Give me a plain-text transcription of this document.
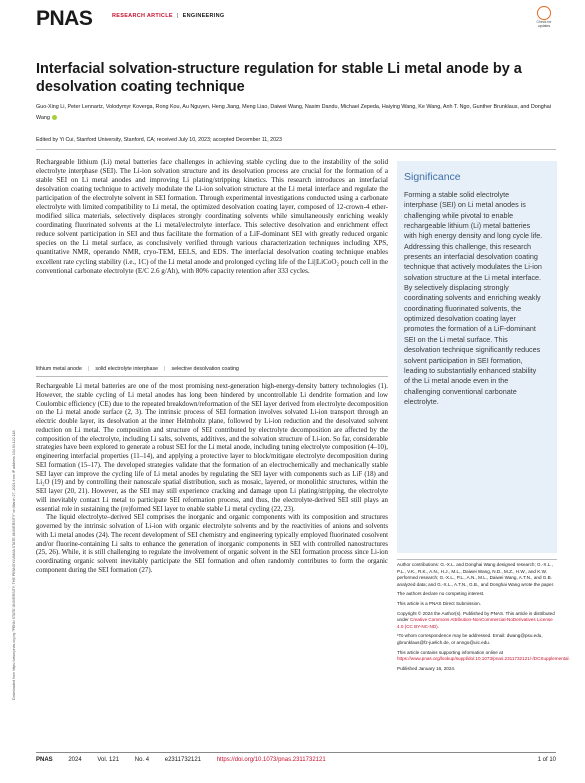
PNAS	RESEARCH ARTICLE | ENGINEERING
Check for updates
Downloaded from https://www.pnas.org by "PENN STATE UNIVERSITY, THE PENNSYLVANIA STATE UNIVERSITY" on March 27, 2024 from IP address 134.94.122.118.
Interfacial solvation-structure regulation for stable Li metal anode by a desolvation coating technique
Guo-Xing Li, Peter Lennartz, Volodymyr Koverga, Rong Kou, Au Nguyen, Heng Jiang, Meng Liao, Daiwei Wang, Nasim Dandu, Michael Zepeda, Haiying Wang, Ke Wang, Anh T. Ngo, Gunther Brunklaus, and Donghai Wang
Edited by Yi Cui, Stanford University, Stanford, CA; received July 10, 2023; accepted December 11, 2023

Rechargeable lithium (Li) metal batteries face challenges in achieving stable cycling due to the instability of the solid electrolyte interphase (SEI). The Li-ion solvation structure and its desolvation process are crucial for the formation of a stable SEI on Li metal anodes and improving Li plating/stripping kinetics. This research introduces an interfacial desolvation coating technique to actively modulate the Li-ion solvation structure at the Li metal interface and regulate the participation of the electrolyte solvent in SEI formation. Through experimental investigations conducted using a carbonate electrolyte with limited compatibility to Li metal, the optimized desolvation coating layer, composed of 12-crown-4 ether-modified silica materials, selectively displaces strongly coordinating solvents while simultaneously enriching weakly coordinating fluorinated solvents at the Li metal/electrolyte interface. This selective desolvation and enrichment effect reduce solvent participation in SEI and thus facilitate the formation of a LiF-dominant SEI with greatly reduced organic species on the Li metal surface, as conclusively verified through various characterization techniques including XPS, quantitative NMR, operando NMR, cryo-TEM, EELS, and EDS. The interfacial desolvation coating technique enables excellent rate cycling stability (i.e., 1C) of the Li metal anode and prolonged cycling life of the Li||LiCoO₂ pouch cell in the conventional carbonate electrolyte (E/C 2.6 g/Ah), with 80% capacity retention after 333 cycles.

lithium metal anode	| solid electrolyte interphase	| selective desolvation coating

Rechargeable Li metal batteries are one of the most promising next-generation high-energy-density battery technologies (1). However, the stable cycling of Li metal anodes has long been hindered by uncontrollable Li dendrite formation and low Coulombic efficiency (CE) due to the repeated breakdown/reformation of the SEI layer derived from electrolyte decomposition on the Li metal anode surface (2, 3). The intrinsic process of SEI formation involves solvated Li-ion transport through an electric double layer, its desolvation at the inner Helmholtz plane, followed by Li-ion reduction and the desolvated solvent reduction on Li metal. The composition and structure of SEI contributed by electrolyte decomposition are affected by the composition of the electrolyte, including Li salts, solvents, additives, and the solvation structure of Li-ion. So far, considerable strategies have been explored to generate a robust SEI for the Li metal anode, including tuning electrolyte composition (4–10), engineering interfacial properties (11–14), and applying a protective layer to block/mitigate electrolyte decomposition during SEI formation (15–17). The developed strategies validate that the formation of an electrochemically and mechanically stable SEI layer can improve the cycling life of Li metal anodes by regulating the SEI layer with components such as LiF (18) and Li₂O (19) and by controlling their nanoscale spatial distribution, such as mosaic, layered, or monolithic structures, within the SEI layer (20, 21). However, as the SEI may still experience cracking and damage upon Li plating/stripping, the electrolyte will inevitably contact Li metal to participate SEI reformation process, and thus, the electrolyte-derived SEI still plays an essential role in sustaining the (re)formed SEI layer to enable stable Li metal cycling (22, 23).

The liquid electrolyte–derived SEI comprises the inorganic and organic components with its composition and structures governed by the intrinsic solvation of Li-ion with organic electrolyte solvents and by the reactivities of anions and solvents with Li metal anodes (24). The recent development of SEI chemistry and engineering typically employed fluorinated cosolvent and/or fluorine-containing Li salts to enhance the generation of inorganic components in SEI with controlled nanostructures (25, 26). While, it is still challenging to regulate the involvement of organic solvent in the SEI formation process since Li-ion coordinating organic solvent inevitably participate the SEI formation and often randomly contributes to form the organic component during the SEI formation (27).

Significance
Forming a stable solid electrolyte interphase (SEI) on Li metal anodes is challenging while pivotal to enable rechargeable lithium (Li) metal batteries with high energy density and long cycle life. Addressing this challenge, this research presents an interfacial desolvation coating technique that actively modulates the Li-ion solvation structure at the Li metal interface. By selectively displacing strongly coordinating solvents and enriching weakly coordinating fluorinated solvents, the optimized desolvation coating layer promotes the formation of a LiF-dominant SEI on the Li metal surface. This desolvation technique significantly reduces solvent participation in SEI formation, leading to substantially enhanced stability of the Li metal anode even in the challenging conventional carbonate electrolyte.

Author contributions: G.-X.L. and Donghai Wang designed research; G.-X.L., P.L., V.K., R.K., A.N., H.J., M.L., Daiwei Wang, N.D., M.Z., H.W., and K.W. performed research; G.-X.L., P.L., A.N., M.L., Daiwei Wang, A.T.N., and G.B. analyzed data; and G.-X.L., A.T.N., G.B., and Donghai Wang wrote the paper.

The authors declare no competing interest.

This article is a PNAS Direct Submission.

Copyright © 2024 the Author(s). Published by PNAS. This article is distributed under Creative Commons Attribution-NonCommercial-NoDerivatives License 4.0 (CC BY-NC-ND).

¹To whom correspondence may be addressed. Email: dwang@psu.edu, gbrunklaus@fz-juelich.de, or anngo@uic.edu.

This article contains supporting information online at https://www.pnas.org/lookup/suppl/doi:10.1073/pnas.2311732121/-/DCSupplemental.

Published January 16, 2024.

PNAS	2024	Vol. 121	No. 4	e2311732121	https://doi.org/10.1073/pnas.2311732121	1 of 10
